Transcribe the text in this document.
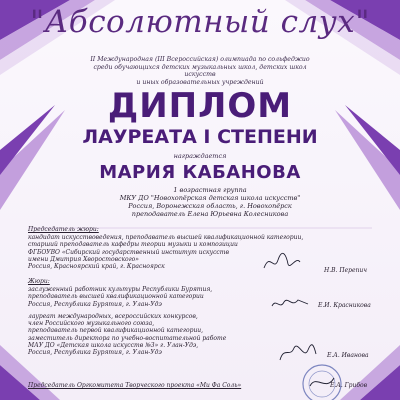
"Абсолютный слух"
II Международная (III Всероссийская) олимпиада по сольфеджио
среди обучающихся детских музыкальных школ, детских школ искусств
и иных образовательных учреждений
ДИПЛОМ
ЛАУРЕАТА I СТЕПЕНИ
награждается
МАРИЯ КАБАНОВА
1 возрастная группа
МКУ ДО "Новохопёрская детская школа искусств"
Россия, Воронежская область, г. Новохопёрск
преподаватель Елена Юрьевна Колесникова
Председатель жюри:
кандидат искусствоведения, преподаватель высшей квалификационной категории,
старший преподаватель кафедры теории музыки и композиции
ФГБОУВО «Сибирский государственный институт искусств
имени Дмитрия Хворостовского»
Россия, Красноярский край, г. Красноярск
Н.В. Перепич
Жюри:
заслуженный работник культуры Республики Бурятия,
преподаватель высшей квалификационной категории
Россия, Республика Бурятия, г. Улан-Удэ	Е.И. Красникова
лауреат международных, всероссийских конкурсов,
член Российского музыкального союза,
преподаватель первой квалификационной категории,
заместитель директора по учебно-воспитательной работе
МАУ ДО «Детская школа искусств №3» г. Улан-Удэ,
Россия, Республика Бурятия, г. Улан-Удэ	Е.А. Иванова
Председатель Оргкомитета Творческого проекта «Ми Фа Соль»	Е.А. Грибов
